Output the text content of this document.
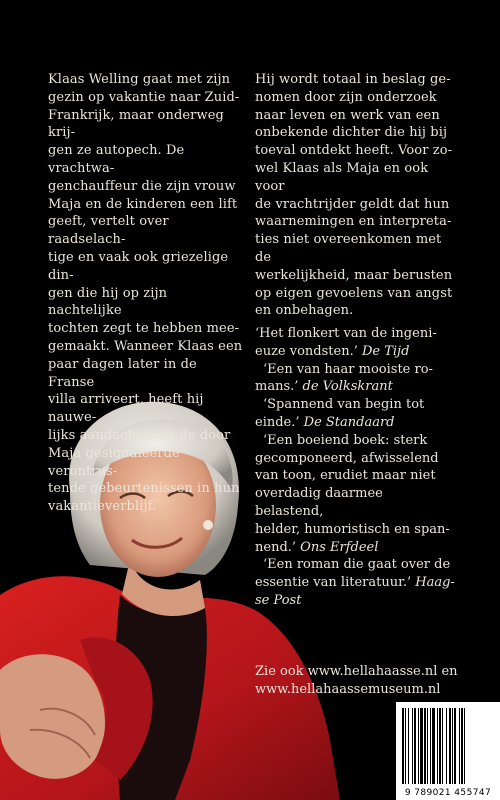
Klaas Welling gaat met zijn
gezin op vakantie naar Zuid-
Frankrijk, maar onderweg krij-
gen ze autopech. De vrachtwa-
genchauffeur die zijn vrouw
Maja en de kinderen een lift
geeft, vertelt over raadselach-
tige en vaak ook griezelige din-
gen die hij op zijn nachtelijke
tochten zegt te hebben mee-
gemaakt. Wanneer Klaas een
paar dagen later in de Franse
villa arriveert, heeft hij nauwe-
lijks aandacht voor de door
Maja gesignaleerde verontrus-
tende gebeurtenissen in hun
vakantieverblijf.
Hij wordt totaal in beslag ge-
nomen door zijn onderzoek
naar leven en werk van een
onbekende dichter die hij bij
toeval ontdekt heeft. Voor zo-
wel Klaas als Maja en ook voor
de vrachtrijder geldt dat hun
waarnemingen en interpreta-
ties niet overeenkomen met de
werkelijkheid, maar berusten
op eigen gevoelens van angst
en onbehagen.
‘Het flonkert van de ingeni-
euze vondsten.’ De Tijd
‘Een van haar mooiste ro-
mans.’ de Volkskrant
‘Spannend van begin tot
einde.’ De Standaard
‘Een boeiend boek: sterk
gecomponeerd, afwisselend
van toon, erudiet maar niet
overdadig daarmee belastend,
helder, humoristisch en span-
nend.’ Ons Erfdeel
‘Een roman die gaat over de
essentie van literatuur.’ Haag-
se Post
Zie ook www.hellahaasse.nl en
www.hellahaassemuseum.nl
9 789021 455747
